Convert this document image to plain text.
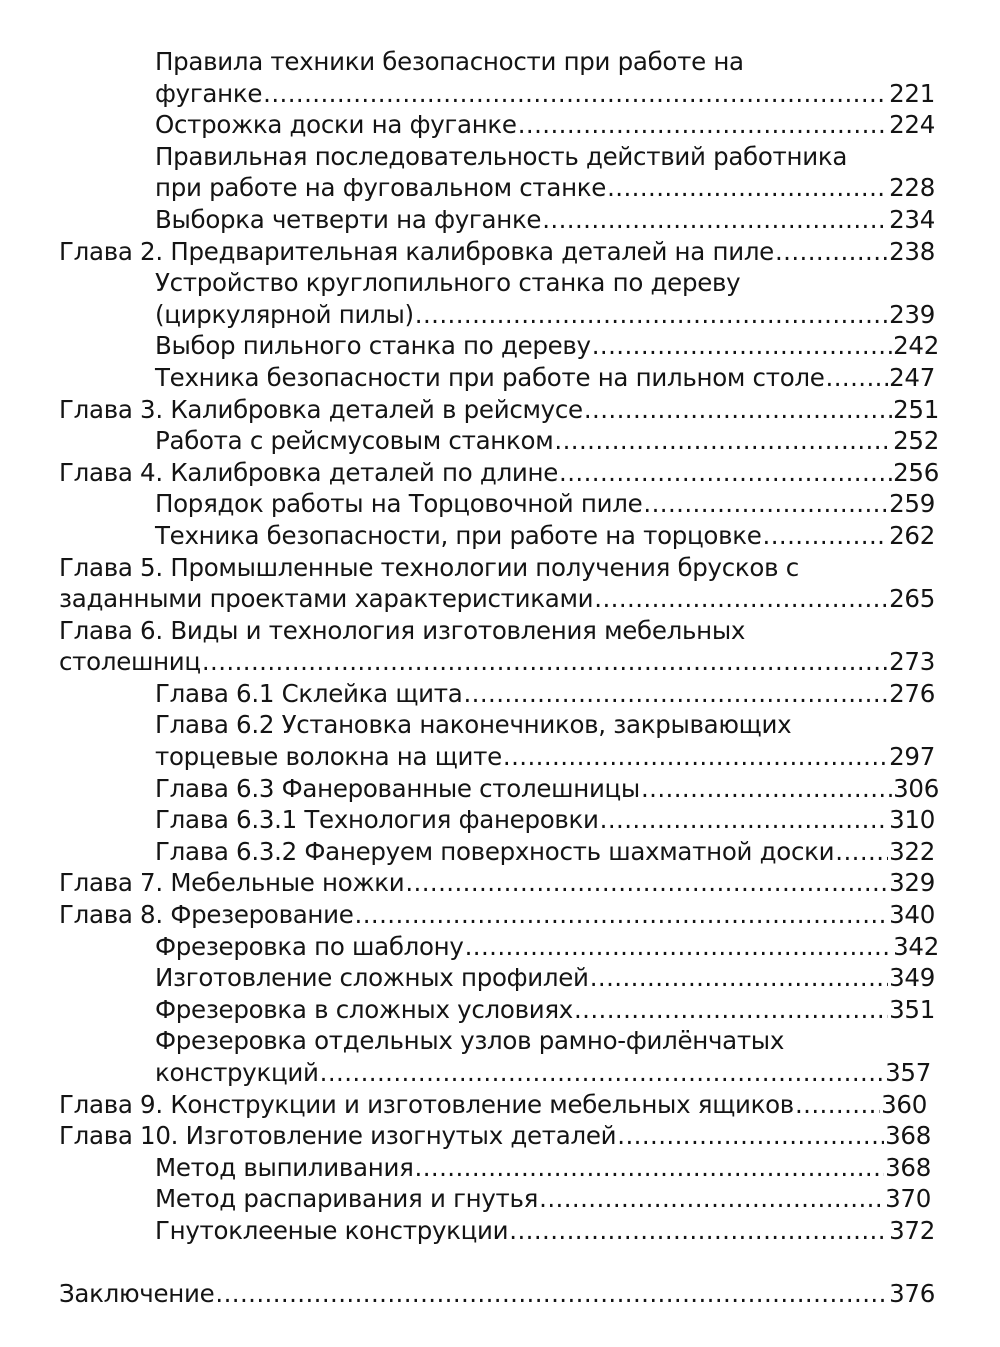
Правила техники безопасности при работе на
фуганке .....	221
Острожка доски на фуганке .....	224
Правильная последовательность действий работника
при работе на фуговальном станке .....	228
Выборка четверти на фуганке .....	234
Глава 2. Предварительная калибровка деталей на пиле .....	238
Устройство круглопильного станка по дереву
(циркулярной пилы) .....	239
Выбор пильного станка по дереву .....	242
Техника безопасности при работе на пильном столе .....	247
Глава 3. Калибровка деталей в рейсмусе .....	251
Работа с рейсмусовым станком .....	252
Глава 4. Калибровка деталей по длине .....	256
Порядок работы на Торцовочной пиле .....	259
Техника безопасности, при работе на торцовке .....	262
Глава 5. Промышленные технологии получения брусков с
заданными проектами характеристиками .....	265
Глава 6. Виды и технология изготовления мебельных
столешниц .....	273
Глава 6.1 Склейка щита .....	276
Глава 6.2 Установка наконечников, закрывающих
торцевые волокна на щите .....	297
Глава 6.3 Фанерованные столешницы .....	306
Глава 6.3.1 Технология фанеровки .....	310
Глава 6.3.2 Фанеруем поверхность шахматной доски ..... 322
Глава 7. Мебельные ножки .....	329
Глава 8. Фрезерование .....	340
Фрезеровка по шаблону .....	342
Изготовление сложных профилей .....	349
Фрезеровка в сложных условиях .....	351
Фрезеровка отдельных узлов рамно-филёнчатых
конструкций .....	357
Глава 9. Конструкции и изготовление мебельных ящиков .....	360
Глава 10. Изготовление изогнутых деталей .....	368
Метод выпиливания .....	368
Метод распаривания и гнутья .....	370
Гнутоклееные конструкции .....	372
Заключение .....	376
